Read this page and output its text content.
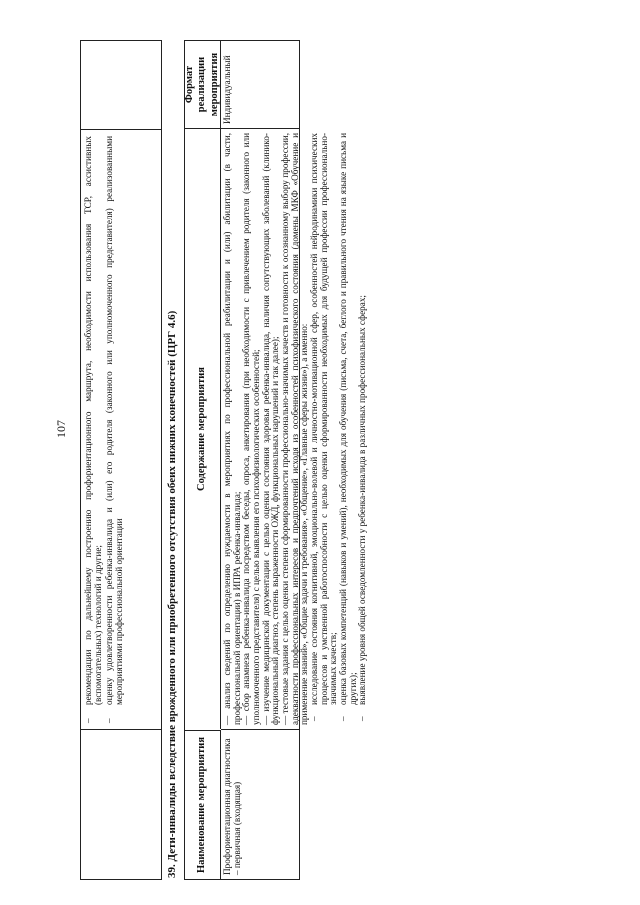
107
–
рекомендации по дальнейшему построению профориентационного маршрута, необходимости использования ТСР, ассистивных (вспомогательных) технологий и другие;
–
оценку удовлетворенности ребенка-инвалида и (или) его родителя (законного или уполномоченного представителя) реализованными мероприятиями профессиональной ориентации	39. Дети-инвалиды вследствие врожденного или приобретенного отсутствия обеих нижних конечностей (ЦРГ 4.6)	Наименование мероприятия
Содержание мероприятия
Формат реализации мероприятия
Профориентационная диагностика – первичная (входящая)

— анализ сведений по определению нуждаемости в мероприятиях по профессиональной реабилитации и (или) абилитации (в части, профессиональной ориентации) в ИПРА ребенка-инвалида; — сбор анамнеза ребенка-инвалида посредством беседы, опроса, анкетирования (при необходимости с привлечением родителя (законного или уполномоченного представителя) с целью выявления его психофизиологических особенностей; — изучение медицинской документации с целью оценки состояния здоровья ребенка-инвалида, наличия сопутствующих заболеваний (клинико-функциональный диагноз, степень выраженности ОЖД, функциональных нарушений и так далее); — тестовые задания с целью оценки степени сформированности профессионально-значимых качеств и готовности к осознанному выбору профессии, адекватности профессиональных интересов и предпочтений исходя из особенностей психофизического состояния (домены МКФ «Обучение и применение знаний», «Общие задачи и требования», «Общение», «Главные сферы жизни»), а именно: –
исследование состояния когнитивной, эмоционально-волевой и личностно-мотивационной сфер, особенностей нейродинамики психических процессов и умственной работоспособности с целью оценки сформированности необходимых для будущей профессии профессионально-значимых качеств;
–
оценка базовых компетенций (навыков и умений), необходимых для обучения (письма, счета, беглого и правильного чтения на языке письма и других);
–
выявление уровня общей осведомленности у ребенка-инвалида в различных профессиональных сферах;
Индивидуальный
